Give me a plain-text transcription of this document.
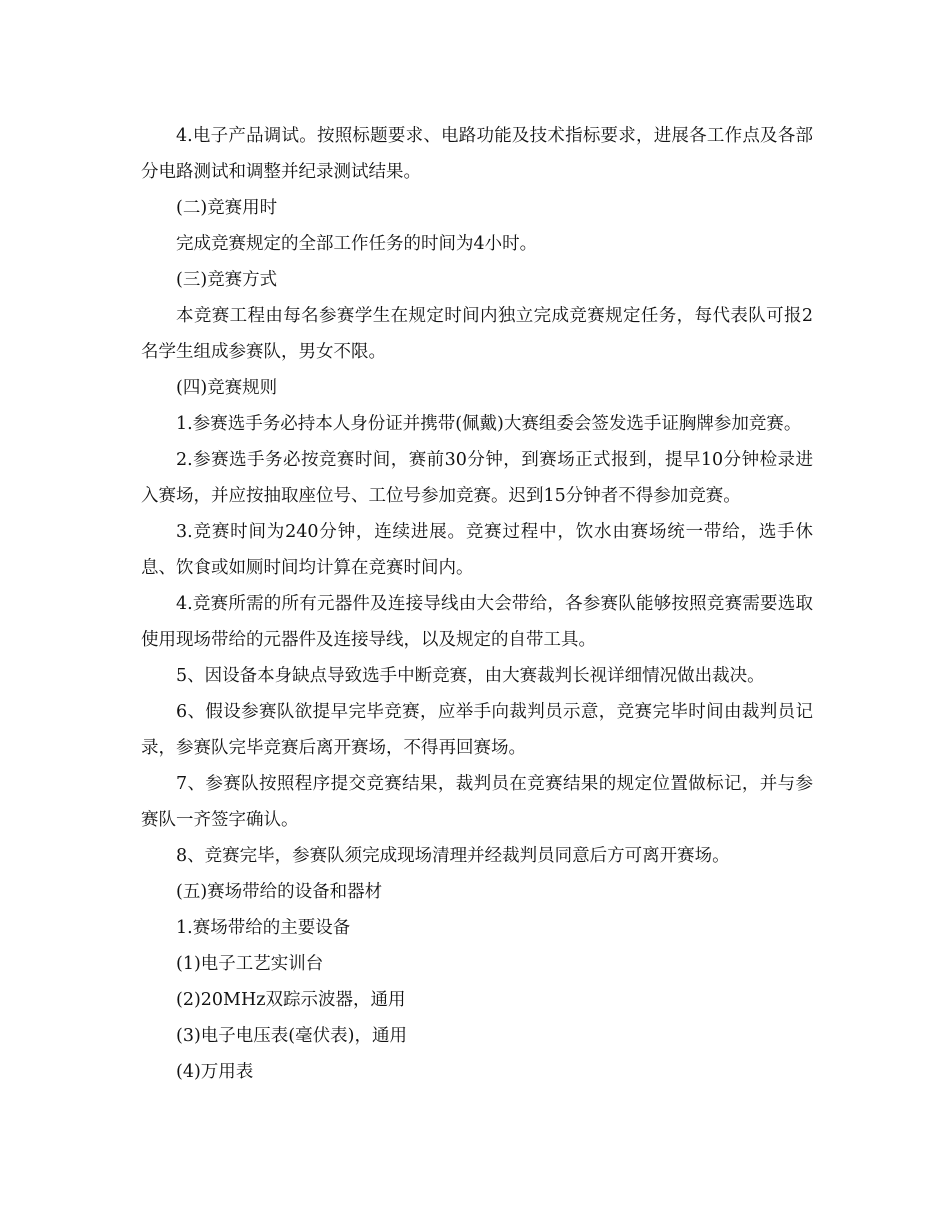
4.电子产品调试。按照标题要求、电路功能及技术指标要求，进展各工作点及各部分电路测试和调整并纪录测试结果。

(二)竞赛用时

完成竞赛规定的全部工作任务的时间为4小时。

(三)竞赛方式

本竞赛工程由每名参赛学生在规定时间内独立完成竞赛规定任务，每代表队可报2名学生组成参赛队，男女不限。

(四)竞赛规则

1.参赛选手务必持本人身份证并携带(佩戴)大赛组委会签发选手证胸牌参加竞赛。

2.参赛选手务必按竞赛时间，赛前30分钟，到赛场正式报到，提早10分钟检录进入赛场，并应按抽取座位号、工位号参加竞赛。迟到15分钟者不得参加竞赛。

3.竞赛时间为240分钟，连续进展。竞赛过程中，饮水由赛场统一带给，选手休息、饮食或如厕时间均计算在竞赛时间内。

4.竞赛所需的所有元器件及连接导线由大会带给，各参赛队能够按照竞赛需要选取使用现场带给的元器件及连接导线，以及规定的自带工具。

5、因设备本身缺点导致选手中断竞赛，由大赛裁判长视详细情况做出裁决。

6、假设参赛队欲提早完毕竞赛，应举手向裁判员示意，竞赛完毕时间由裁判员记录，参赛队完毕竞赛后离开赛场，不得再回赛场。

7、参赛队按照程序提交竞赛结果，裁判员在竞赛结果的规定位置做标记，并与参赛队一齐签字确认。

8、竞赛完毕，参赛队须完成现场清理并经裁判员同意后方可离开赛场。

(五)赛场带给的设备和器材

1.赛场带给的主要设备

(1)电子工艺实训台

(2)20MHz双踪示波器，通用

(3)电子电压表(毫伏表)，通用

(4)万用表
